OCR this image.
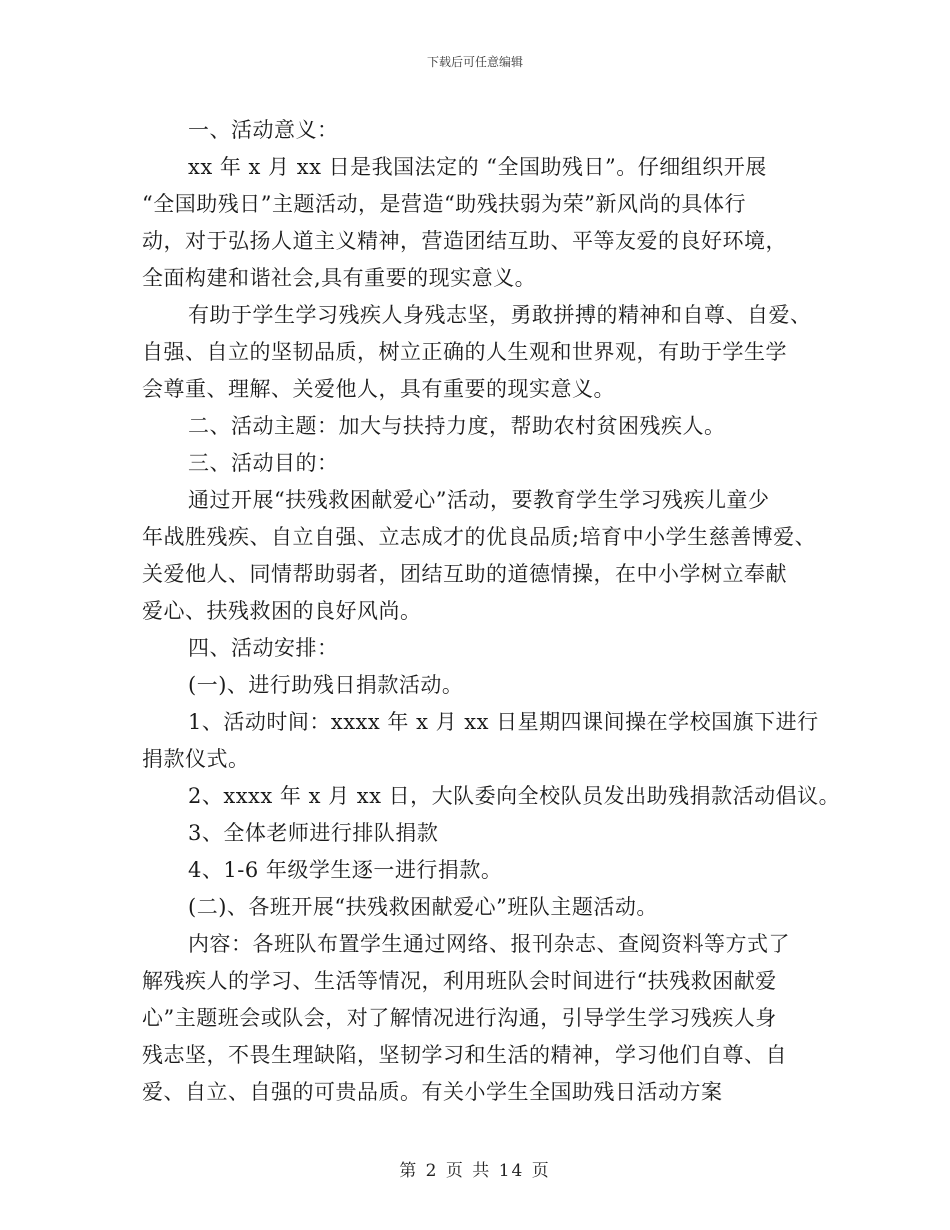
下载后可任意编辑
一、活动意义：
xx 年 x 月 xx 日是我国法定的 “全国助残日”。仔细组织开展
“全国助残日”主题活动，是营造“助残扶弱为荣”新风尚的具体行
动，对于弘扬人道主义精神，营造团结互助、平等友爱的良好环境，
全面构建和谐社会,具有重要的现实意义。
有助于学生学习残疾人身残志坚，勇敢拼搏的精神和自尊、自爱、
自强、自立的坚韧品质，树立正确的人生观和世界观，有助于学生学
会尊重、理解、关爱他人，具有重要的现实意义。
二、活动主题：加大与扶持力度，帮助农村贫困残疾人。
三、活动目的：
通过开展“扶残救困献爱心”活动，要教育学生学习残疾儿童少
年战胜残疾、自立自强、立志成才的优良品质;培育中小学生慈善博爱、
关爱他人、同情帮助弱者，团结互助的道德情操，在中小学树立奉献
爱心、扶残救困的良好风尚。
四、活动安排：
(一)、进行助残日捐款活动。
1、活动时间：xxxx 年 x 月 xx 日星期四课间操在学校国旗下进行
捐款仪式。
2、xxxx 年 x 月 xx 日，大队委向全校队员发出助残捐款活动倡议。
3、全体老师进行排队捐款
4、1-6 年级学生逐一进行捐款。
(二)、各班开展“扶残救困献爱心”班队主题活动。
内容：各班队布置学生通过网络、报刊杂志、查阅资料等方式了
解残疾人的学习、生活等情况，利用班队会时间进行“扶残救困献爱
心”主题班会或队会，对了解情况进行沟通，引导学生学习残疾人身
残志坚，不畏生理缺陷，坚韧学习和生活的精神，学习他们自尊、自
爱、自立、自强的可贵品质。有关小学生全国助残日活动方案
第 2 页 共 14 页
